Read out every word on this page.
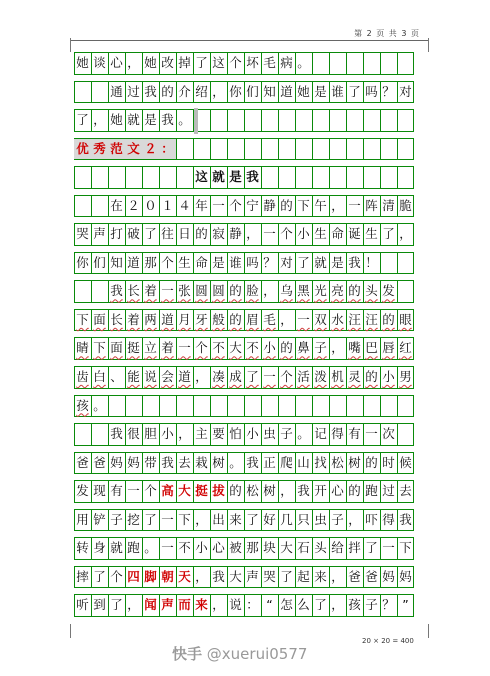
第 2 页 共 3 页
她 谈 心 ， 她 改 掉 了 这 个 坏 毛 病 。
通 过 我 的 介 绍 ， 你 们 知 道 她 是 谁 了 吗 ？ 对
了 ， 她 就 是 我 。
优 秀 范 文 ２ ：
这 就 是 我
在 ２ ０ １ ４ 年 一 个 宁 静 的 下 午 ， 一 阵 清 脆
哭 声 打 破 了 往 日 的 寂 静 ， 一 个 小 生 命 诞 生 了 ，
你 们 知 道 那 个 生 命 是 谁 吗 ？ 对 了 就 是 我 ！
我 长 着 一 张 圆 圆 的 脸 ， 乌 黑 光 亮 的 头 发
下 面 长 着 两 道 月 牙 般 的 眉 毛 ， 一 双 水 汪 汪 的 眼
睛 下 面 挺 立 着 一 个 不 大 不 小 的 鼻 子 ， 嘴 巴 唇 红
齿 白 、 能 说 会 道 ， 凑 成 了 一 个 活 泼 机 灵 的 小 男
孩 。
我 很 胆 小 ， 主 要 怕 小 虫 子 。 记 得 有 一 次
爸 爸 妈 妈 带 我 去 栽 树 。 我 正 爬 山 找 松 树 的 时 候
发 现 有 一 个 高 大 挺 拔 的 松 树 ， 我 开 心 的 跑 过 去
用 铲 子 挖 了 一 下 ， 出 来 了 好 几 只 虫 子 ， 吓 得 我
转 身 就 跑 。 一 不 小 心 被 那 块 大 石 头 给 拌 了 一 下
摔 了 个 四 脚 朝 天 ， 我 大 声 哭 了 起 来 ， 爸 爸 妈 妈
听 到 了 ， 闻 声 而 来 ， 说 ： “ 怎 么 了 ， 孩 子 ？ ”
20 × 20 = 400
快手 @xuerui0577
